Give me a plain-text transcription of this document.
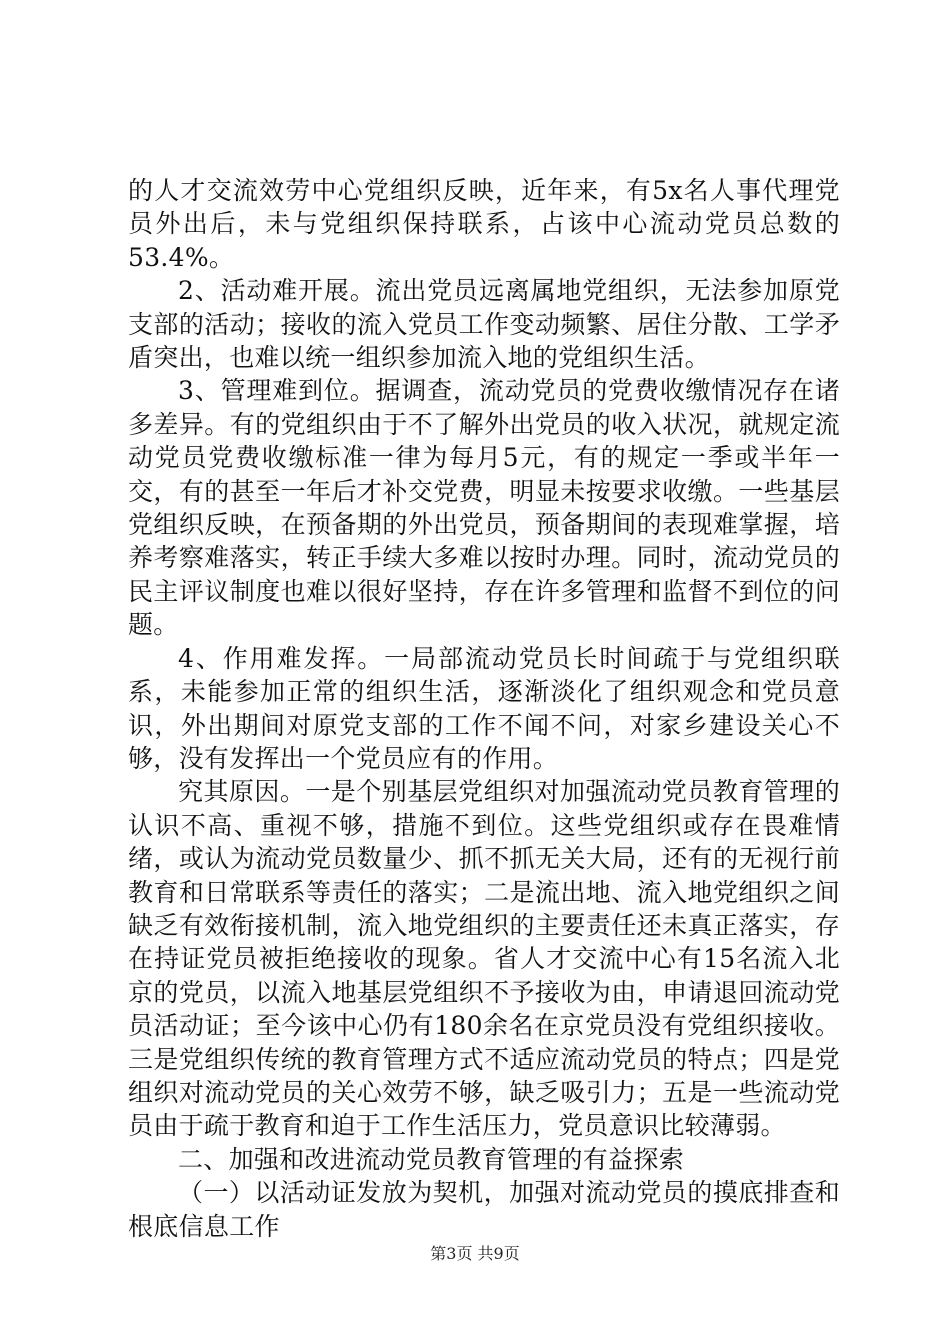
的人才交流效劳中心党组织反映，近年来，有5x名人事代理党员外出后，未与党组织保持联系，占该中心流动党员总数的53.4%。

2、活动难开展。流出党员远离属地党组织，无法参加原党支部的活动；接收的流入党员工作变动频繁、居住分散、工学矛盾突出，也难以统一组织参加流入地的党组织生活。

3、管理难到位。据调查，流动党员的党费收缴情况存在诸多差异。有的党组织由于不了解外出党员的收入状况，就规定流动党员党费收缴标准一律为每月5元，有的规定一季或半年一交，有的甚至一年后才补交党费，明显未按要求收缴。一些基层党组织反映，在预备期的外出党员，预备期间的表现难掌握，培养考察难落实，转正手续大多难以按时办理。同时，流动党员的民主评议制度也难以很好坚持，存在许多管理和监督不到位的问题。

4、作用难发挥。一局部流动党员长时间疏于与党组织联系，未能参加正常的组织生活，逐渐淡化了组织观念和党员意识，外出期间对原党支部的工作不闻不问，对家乡建设关心不够，没有发挥出一个党员应有的作用。

究其原因。一是个别基层党组织对加强流动党员教育管理的认识不高、重视不够，措施不到位。这些党组织或存在畏难情绪，或认为流动党员数量少、抓不抓无关大局，还有的无视行前教育和日常联系等责任的落实；二是流出地、流入地党组织之间缺乏有效衔接机制，流入地党组织的主要责任还未真正落实，存在持证党员被拒绝接收的现象。省人才交流中心有15名流入北京的党员，以流入地基层党组织不予接收为由，申请退回流动党员活动证；至今该中心仍有180余名在京党员没有党组织接收。三是党组织传统的教育管理方式不适应流动党员的特点；四是党组织对流动党员的关心效劳不够，缺乏吸引力；五是一些流动党员由于疏于教育和迫于工作生活压力，党员意识比较薄弱。

二、加强和改进流动党员教育管理的有益探索

（一）以活动证发放为契机，加强对流动党员的摸底排查和根底信息工作

第3页 共9页
